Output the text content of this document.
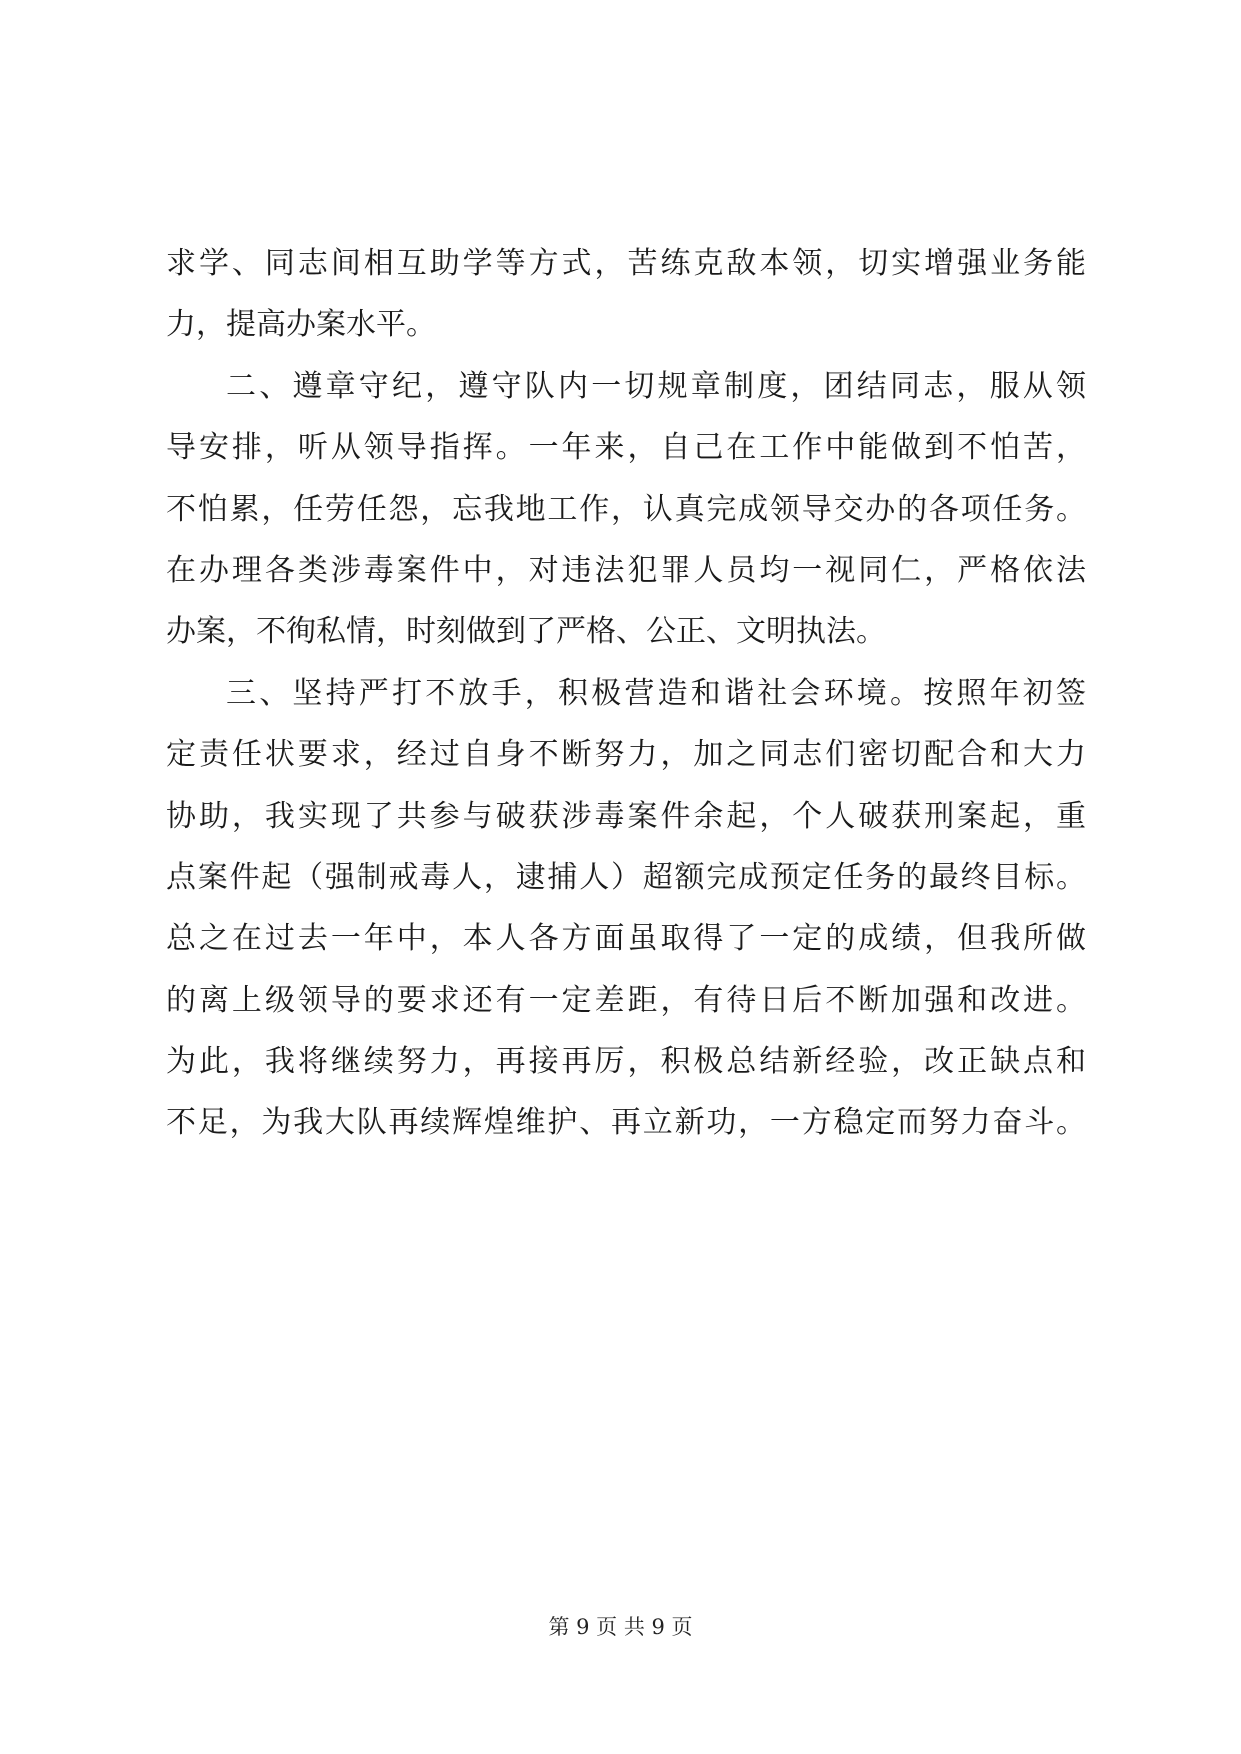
求学、同志间相互助学等方式，苦练克敌本领，切实增强业务能
力，提高办案水平。
二、遵章守纪，遵守队内一切规章制度，团结同志，服从领
导安排，听从领导指挥。一年来，自己在工作中能做到不怕苦，
不怕累，任劳任怨，忘我地工作，认真完成领导交办的各项任务。
在办理各类涉毒案件中，对违法犯罪人员均一视同仁，严格依法
办案，不徇私情，时刻做到了严格、公正、文明执法。
三、坚持严打不放手，积极营造和谐社会环境。按照年初签
定责任状要求，经过自身不断努力，加之同志们密切配合和大力
协助，我实现了共参与破获涉毒案件余起，个人破获刑案起，重
点案件起（强制戒毒人，逮捕人）超额完成预定任务的最终目标。
总之在过去一年中，本人各方面虽取得了一定的成绩，但我所做
的离上级领导的要求还有一定差距，有待日后不断加强和改进。
为此，我将继续努力，再接再厉，积极总结新经验，改正缺点和
不足，为我大队再续辉煌维护、再立新功，一方稳定而努力奋斗。
第 9 页 共 9 页
